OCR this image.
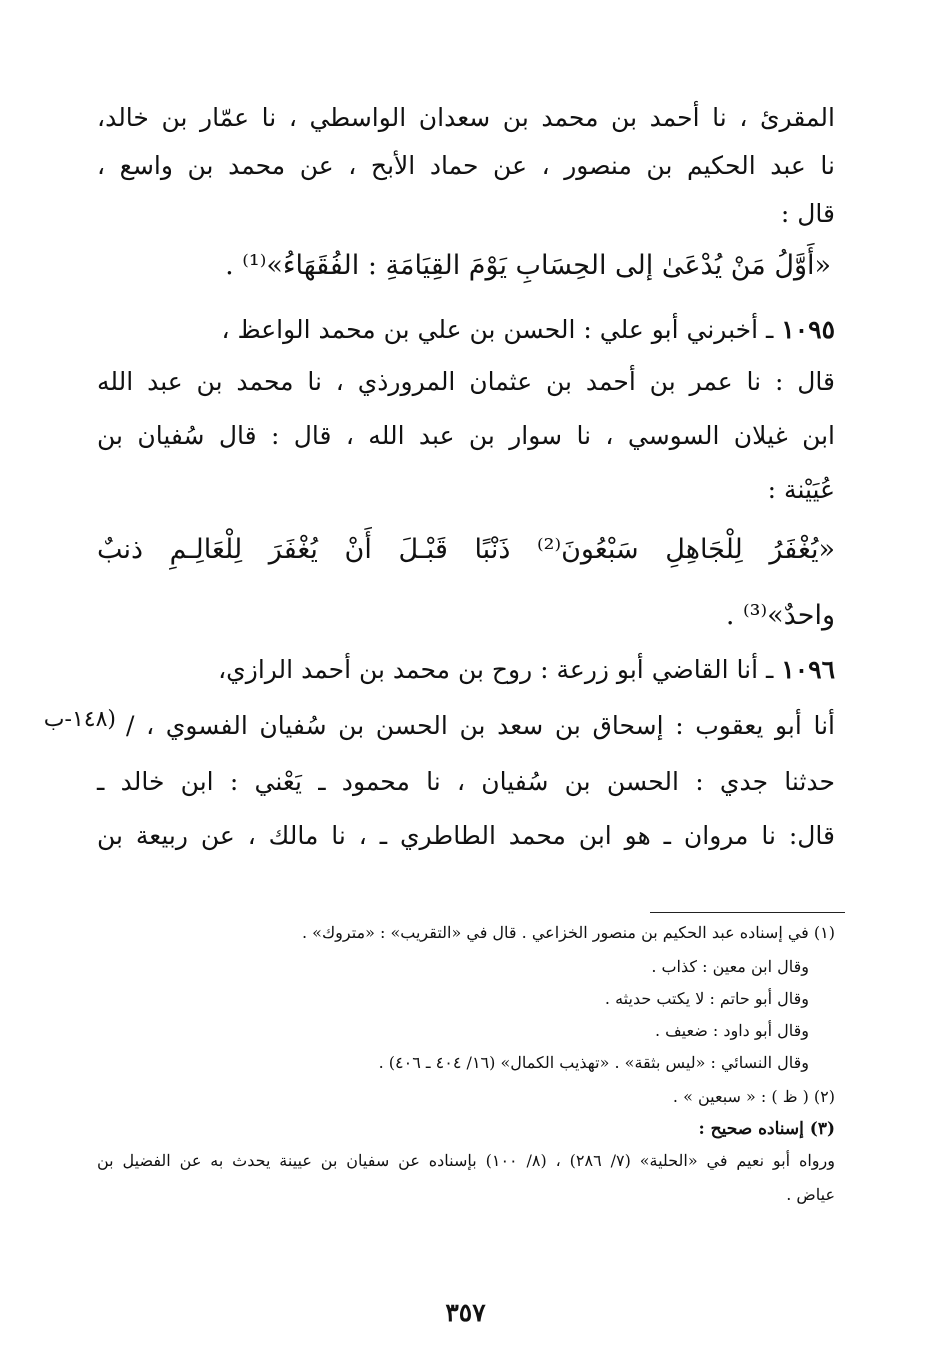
المقرئ ، نا أحمد بن محمد بن سعدان الواسطي ، نا عمّار بن خالد،
نا عبد الحكيم بن منصور ، عن حماد الأبح ، عن محمد بن واسع ،
قال :
«أَوَّلُ مَنْ يُدْعَىٰ إلى الحِسَابِ يَوْمَ القِيَامَةِ : الفُقَهَاءُ»⁽¹⁾ .
١٠٩٥ ـ أخبرني أبو علي : الحسن بن علي بن محمد الواعظ ،
قال : نا عمر بن أحمد بن عثمان المرورذي ، نا محمد بن عبد الله
ابن غيلان السوسي ، نا سوار بن عبد الله ، قال : قال سُفيان بن
عُيَيْنة :
«يُغْفَرُ لِلْجَاهِلِ سَبْعُونَ⁽²⁾ ذَنْبًا قَبْـلَ أَنْ يُغْفَرَ لِلْعَالِـمِ ذنبٌ
واحدٌ»⁽³⁾ .
١٠٩٦ ـ أنا القاضي أبو زرعة : روح بن محمد بن أحمد الرازي،
أنا أبو يعقوب : إسحاق بن سعد بن الحسن بن سُفيان الفسوي ، /
(١٤٨-ب
حدثنا جدي : الحسن بن سُفيان ، نا محمود ـ يَعْني : ابن خالد ـ
قال: نا مروان ـ هو ابن محمد الطاطري ـ ، نا مالك ، عن ربيعة بن
(١) في إسناده عبد الحكيم بن منصور الخزاعي . قال في «التقريب» : «متروك» .
وقال ابن معين : كذاب .
وقال أبو حاتم : لا يكتب حديثه .
وقال أبو داود : ضعيف .
وقال النسائي : «ليس بثقة» . «تهذيب الكمال» (١٦/ ٤٠٤ ـ ٤٠٦) .
(٢) ( ظ ) : « سبعين » .
(٣) إسناده صحيح :
ورواه أبو نعيم في «الحلية» (٧/ ٢٨٦) ، (٨/ ١٠٠) بإسناده عن سفيان بن عيينة يحدث به عن الفضيل بن
عياض .
٣٥٧
